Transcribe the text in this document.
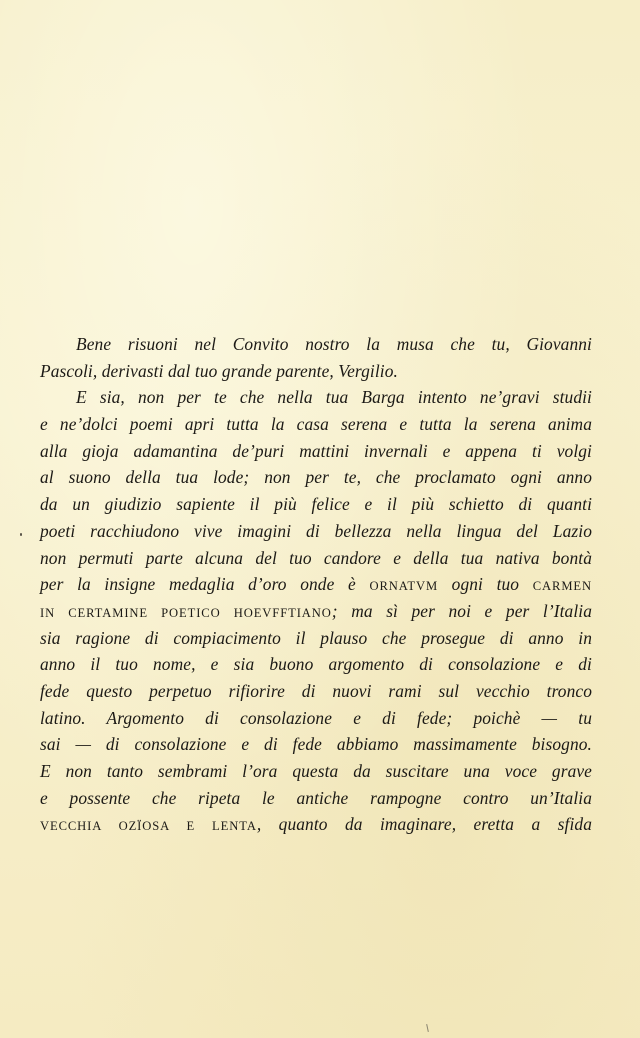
Bene risuoni nel Convito nostro la musa che tu, Giovanni
Pascoli, derivasti dal tuo grande parente, Vergilio.
E sia, non per te che nella tua Barga intento ne’gravi studii
e ne’dolci poemi apri tutta la casa serena e tutta la serena anima
alla gioja adamantina de’puri mattini invernali e appena ti volgi
al suono della tua lode; non per te, che proclamato ogni anno
da un giudizio sapiente il più felice e il più schietto di quanti
poeti racchiudono vive imagini di bellezza nella lingua del Lazio
non permuti parte alcuna del tuo candore e della tua nativa bontà
per la insigne medaglia d’oro onde è ORNATVM ogni tuo CARMEN
IN CERTAMINE POETICO HOEVFFTIANO; ma sì per noi e per l’Italia
sia ragione di compiacimento il plauso che prosegue di anno in
anno il tuo nome, e sia buono argomento di consolazione e di
fede questo perpetuo rifiorire di nuovi rami sul vecchio tronco
latino. Argomento di consolazione e di fede; poichè — tu
sai — di consolazione e di fede abbiamo massimamente bisogno.
E non tanto sembrami l’ora questa da suscitare una voce grave
e possente che ripeta le antiche rampogne contro un’Italia
VECCHIA OZÏOSA E LENTA, quanto da imaginare, eretta a sfida
